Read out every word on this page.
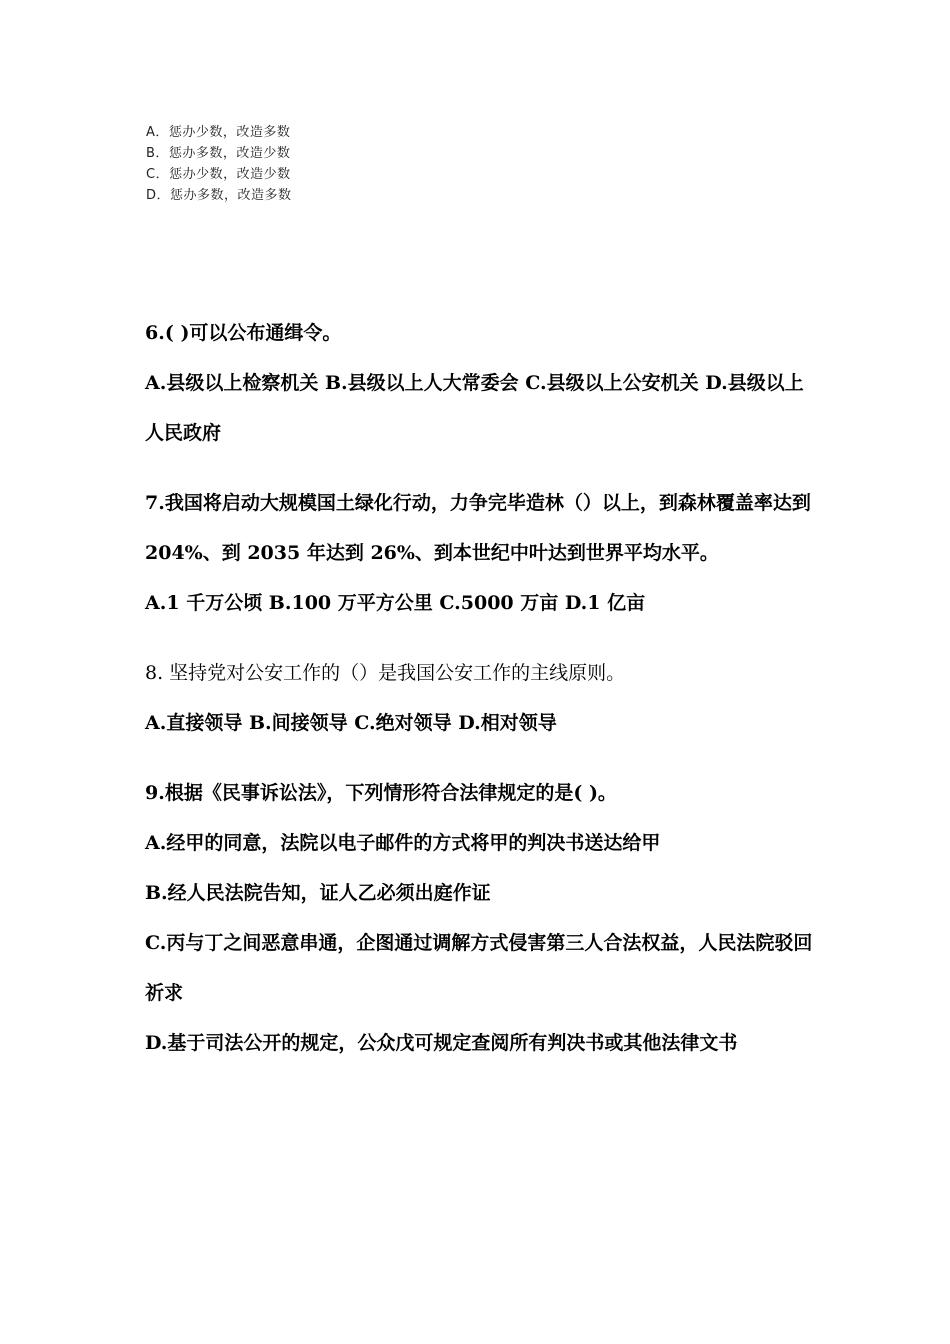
A．惩办少数，改造多数
B．惩办多数，改造少数
C．惩办少数，改造少数
D．惩办多数，改造多数

6.( )可以公布通缉令。

A.县级以上检察机关 B.县级以上人大常委会 C.县级以上公安机关 D.县级以上人民政府

7.我国将启动大规模国土绿化行动，力争完毕造林（）以上，到森林覆盖率达到 204%、到 2035 年达到 26%、到本世纪中叶达到世界平均水平。

A.1 千万公顷 B.100 万平方公里 C.5000 万亩 D.1 亿亩

8. 坚持党对公安工作的（）是我国公安工作的主线原则。

A.直接领导 B.间接领导 C.绝对领导 D.相对领导

9.根据《民事诉讼法》，下列情形符合法律规定的是( )。

A.经甲的同意，法院以电子邮件的方式将甲的判决书送达给甲

B.经人民法院告知，证人乙必须出庭作证

C.丙与丁之间恶意串通，企图通过调解方式侵害第三人合法权益，人民法院驳回祈求

D.基于司法公开的规定，公众戊可规定查阅所有判决书或其他法律文书
